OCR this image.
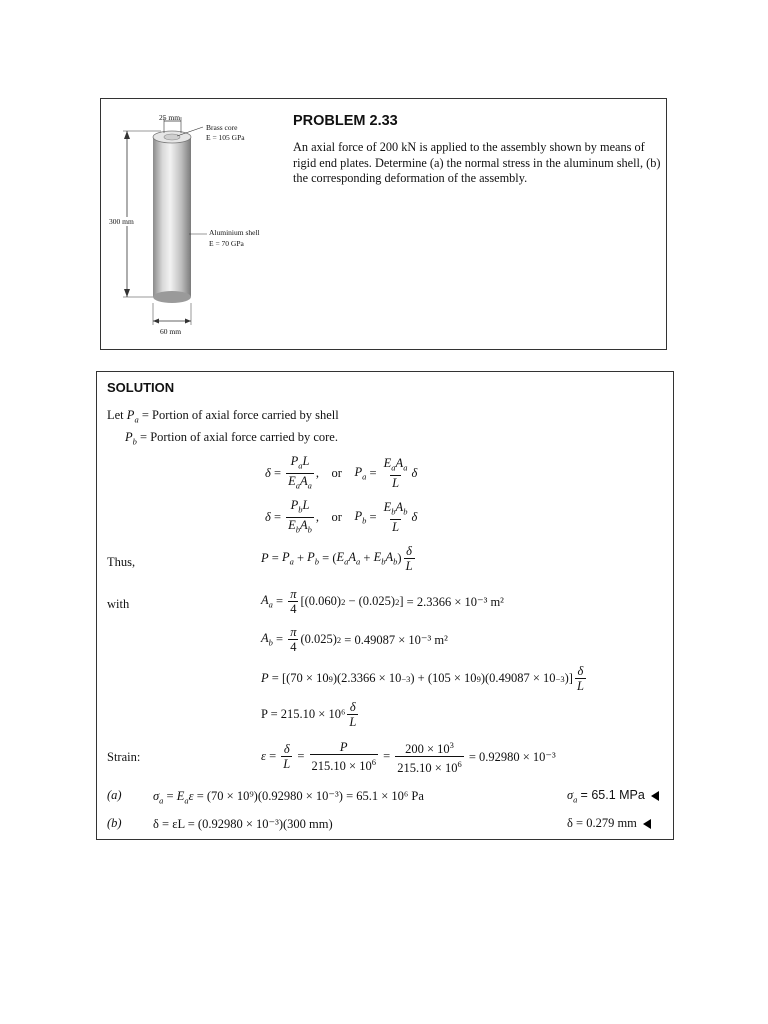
25 mm
Brass core
E = 105 GPa
300 mm
Aluminium shell
E = 70 GPa
60 mm
PROBLEM 2.33
An axial force of 200 kN is applied to the assembly shown by means of rigid end plates. Determine (a) the normal stress in the aluminum shell, (b) the corresponding deformation of the assembly.
SOLUTION
Let $P_a$ = Portion of axial force carried by shell
$P_b$ = Portion of axial force carried by core.
$\delta = \frac{P_aL}{E_aA_a}$ ,    or $P_a = \frac{E_aA_a}{L}$ δ
$\delta = \frac{P_bL}{E_bA_b}$ ,    or $P_b = \frac{E_bA_b}{L}$ δ
Thus,	$P = P_a + P_b$ = ( $E_aA_a + E_bA_b$ ) $\frac{\delta}{L}$
with	$A_a = \frac{\pi}{4} [(0.060) 2 - (0.025)$ 2 ] = 2.3366 × 10⁻³ m²
$A_b = \frac{\pi}{4} (0.025)$ 2
= 0.49087 × 10⁻³ m²
P = [(70 × 10 9 )(2.3366 × 10 −3 ) + (105 × 10 9 )(0.49087 × 10 −3 )] $\frac{\delta}{L}$
$P = 215.10 \times 10^6 \frac{\delta}{L}$
Strain:	$\varepsilon = \frac{\delta}{L} = \frac{P}{215.10 \times 10^6} = \frac{200 \times 10^3}{215.10 \times 10^6}$
= 0.92980 × 10⁻³
(a)	$\sigma_a = E_a\varepsilon = (70 \times 10^9)(0.92980 \times 10^{-3}) = 65.1 \times 10^6$ Pa	$\sigma_a = 65.1$ MPa
(b)	δ = εL = (0.92980 × 10⁻³)(300 mm)	δ = 0.279 mm
